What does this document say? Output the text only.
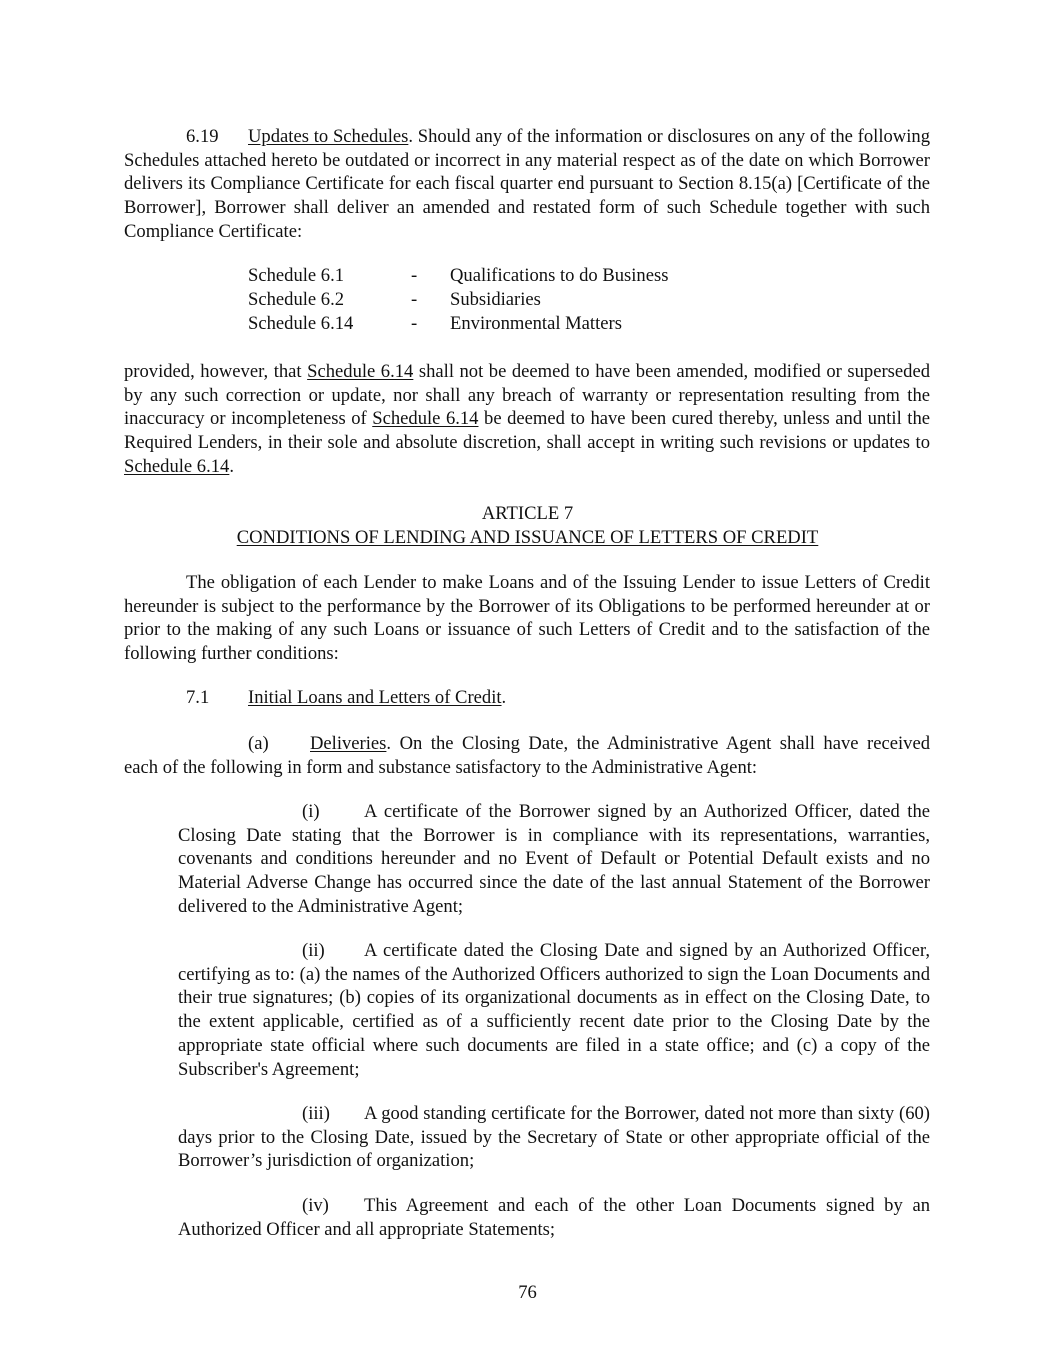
6.19 Updates to Schedules. Should any of the information or disclosures on any of the following Schedules attached hereto be outdated or incorrect in any material respect as of the date on which Borrower delivers its Compliance Certificate for each fiscal quarter end pursuant to Section 8.15(a) [Certificate of the Borrower], Borrower shall deliver an amended and restated form of such Schedule together with such Compliance Certificate:

Schedule 6.1	- Qualifications to do Business
Schedule 6.2	- Subsidiaries
Schedule 6.14	- Environmental Matters

provided, however, that Schedule 6.14 shall not be deemed to have been amended, modified or superseded by any such correction or update, nor shall any breach of warranty or representation resulting from the inaccuracy or incompleteness of Schedule 6.14 be deemed to have been cured thereby, unless and until the Required Lenders, in their sole and absolute discretion, shall accept in writing such revisions or updates to Schedule 6.14.

ARTICLE 7

CONDITIONS OF LENDING AND ISSUANCE OF LETTERS OF CREDIT

The obligation of each Lender to make Loans and of the Issuing Lender to issue Letters of Credit hereunder is subject to the performance by the Borrower of its Obligations to be performed hereunder at or prior to the making of any such Loans or issuance of such Letters of Credit and to the satisfaction of the following further conditions:

7.1 Initial Loans and Letters of Credit.

(a) Deliveries. On the Closing Date, the Administrative Agent shall have received each of the following in form and substance satisfactory to the Administrative Agent:

(i) A certificate of the Borrower signed by an Authorized Officer, dated the Closing Date stating that the Borrower is in compliance with its representations, warranties, covenants and conditions hereunder and no Event of Default or Potential Default exists and no Material Adverse Change has occurred since the date of the last annual Statement of the Borrower delivered to the Administrative Agent;

(ii) A certificate dated the Closing Date and signed by an Authorized Officer, certifying as to: (a) the names of the Authorized Officers authorized to sign the Loan Documents and their true signatures; (b) copies of its organizational documents as in effect on the Closing Date, to the extent applicable, certified as of a sufficiently recent date prior to the Closing Date by the appropriate state official where such documents are filed in a state office; and (c) a copy of the Subscriber's Agreement;

(iii) A good standing certificate for the Borrower, dated not more than sixty (60) days prior to the Closing Date, issued by the Secretary of State or other appropriate official of the Borrower’s jurisdiction of organization;

(iv) This Agreement and each of the other Loan Documents signed by an Authorized Officer and all appropriate Statements;

76
